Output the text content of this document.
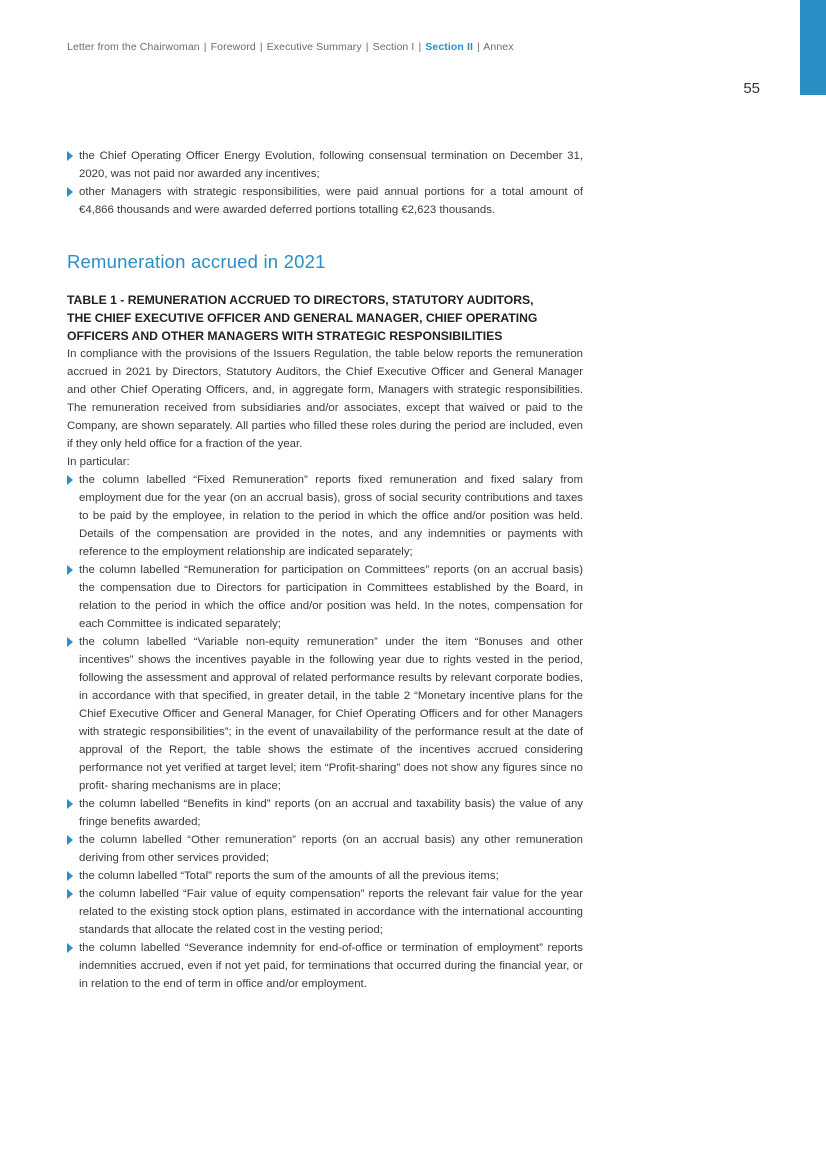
Letter from the Chairwoman | Foreword | Executive Summary | Section I | Section II | Annex
55
the Chief Operating Officer Energy Evolution, following consensual termination on December 31, 2020, was not paid nor awarded any incentives;
other Managers with strategic responsibilities, were paid annual portions for a total amount of €4,866 thousands and were awarded deferred portions totalling €2,623 thousands.
Remuneration accrued in 2021
TABLE 1 - REMUNERATION ACCRUED TO DIRECTORS, STATUTORY AUDITORS, THE CHIEF EXECUTIVE OFFICER AND GENERAL MANAGER, CHIEF OPERATING OFFICERS AND OTHER MANAGERS WITH STRATEGIC RESPONSIBILITIES

In compliance with the provisions of the Issuers Regulation, the table below reports the remuneration accrued in 2021 by Directors, Statutory Auditors, the Chief Executive Officer and General Manager and other Chief Operating Officers, and, in aggregate form, Managers with strategic responsibilities. The remuneration received from subsidiaries and/or associates, except that waived or paid to the Company, are shown separately. All parties who filled these roles during the period are included, even if they only held office for a fraction of the year.

In particular:

the column labelled “Fixed Remuneration” reports fixed remuneration and fixed salary from employment due for the year (on an accrual basis), gross of social security contributions and taxes to be paid by the employee, in relation to the period in which the office and/or position was held. Details of the compensation are provided in the notes, and any indemnities or payments with reference to the employment relationship are indicated separately;
the column labelled “Remuneration for participation on Committees” reports (on an accrual basis) the compensation due to Directors for participation in Committees established by the Board, in relation to the period in which the office and/or position was held. In the notes, compensation for each Committee is indicated separately;
the column labelled “Variable non-equity remuneration” under the item “Bonuses and other incentives” shows the incentives payable in the following year due to rights vested in the period, following the assessment and approval of related performance results by relevant corporate bodies, in accordance with that specified, in greater detail, in the table 2 “Monetary incentive plans for the Chief Executive Officer and General Manager, for Chief Operating Officers and for other Managers with strategic responsibilities”; in the event of unavailability of the performance result at the date of approval of the Report, the table shows the estimate of the incentives accrued considering performance not yet verified at target level; item “Profit-sharing” does not show any figures since no profit- sharing mechanisms are in place;
the column labelled “Benefits in kind” reports (on an accrual and taxability basis) the value of any fringe benefits awarded;
the column labelled “Other remuneration” reports (on an accrual basis) any other remuneration deriving from other services provided;
the column labelled “Total” reports the sum of the amounts of all the previous items;
the column labelled “Fair value of equity compensation” reports the relevant fair value for the year related to the existing stock option plans, estimated in accordance with the international accounting standards that allocate the related cost in the vesting period;
the column labelled “Severance indemnity for end-of-office or termination of employment” reports indemnities accrued, even if not yet paid, for terminations that occurred during the financial year, or in relation to the end of term in office and/or employment.
